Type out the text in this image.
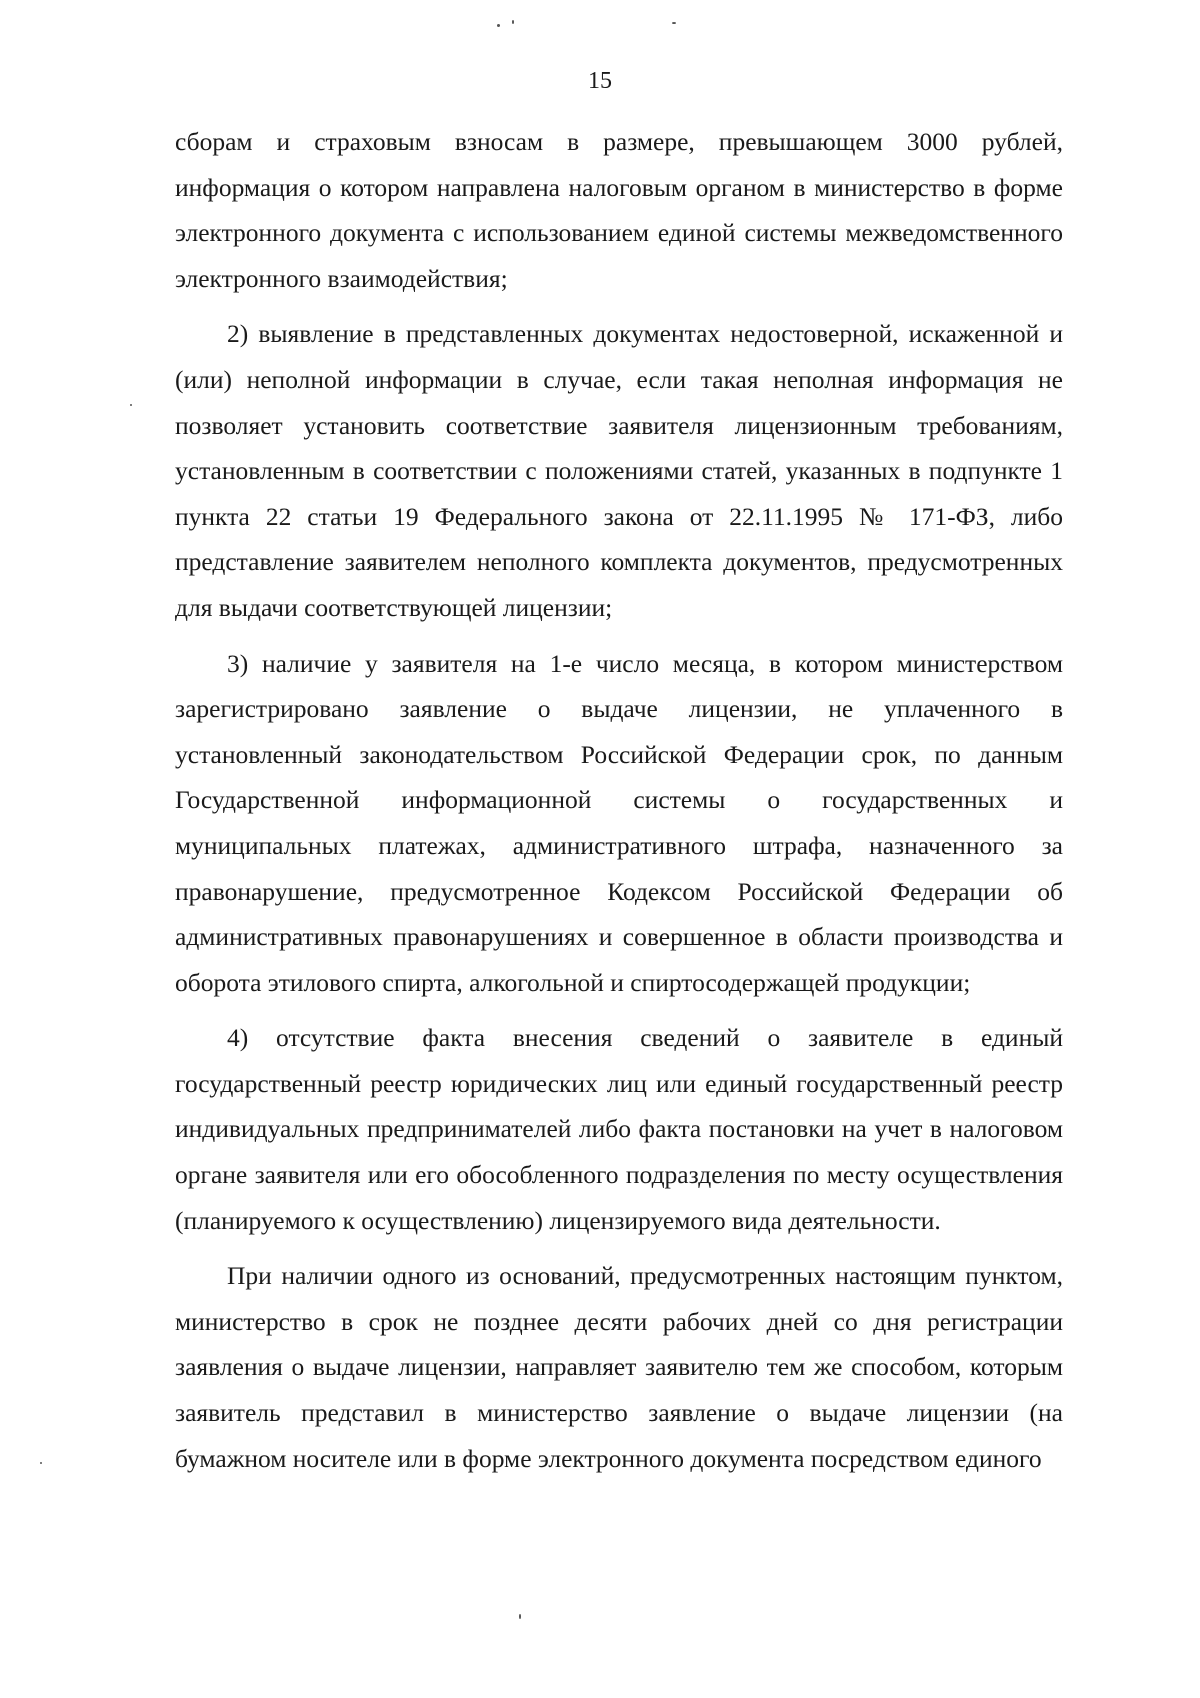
15

сборам и страховым взносам в размере, превышающем 3000 рублей, информация о котором направлена налоговым органом в министерство в форме электронного документа с использованием единой системы межведомственного электронного взаимодействия;

2) выявление в представленных документах недостоверной, искаженной и (или) неполной информации в случае, если такая неполная информация не позволяет установить соответствие заявителя лицензионным требованиям, установленным в соответствии с положениями статей, указанных в подпункте 1 пункта 22 статьи 19 Федерального закона от 22.11.1995 № 171-ФЗ, либо представление заявителем неполного комплекта документов, предусмотренных для выдачи соответствующей лицензии;

3) наличие у заявителя на 1-е число месяца, в котором министерством зарегистрировано заявление о выдаче лицензии, не уплаченного в установленный законодательством Российской Федерации срок, по данным Государственной информационной системы о государственных и муниципальных платежах, административного штрафа, назначенного за правонарушение, предусмотренное Кодексом Российской Федерации об административных правонарушениях и совершенное в области производства и оборота этилового спирта, алкогольной и спиртосодержащей продукции;

4) отсутствие факта внесения сведений о заявителе в единый государственный реестр юридических лиц или единый государственный реестр индивидуальных предпринимателей либо факта постановки на учет в налоговом органе заявителя или его обособленного подразделения по месту осуществления (планируемого к осуществлению) лицензируемого вида деятельности.

При наличии одного из оснований, предусмотренных настоящим пунктом, министерство в срок не позднее десяти рабочих дней со дня регистрации заявления о выдаче лицензии, направляет заявителю тем же способом, которым заявитель представил в министерство заявление о выдаче лицензии (на бумажном носителе или в форме электронного документа посредством единого
